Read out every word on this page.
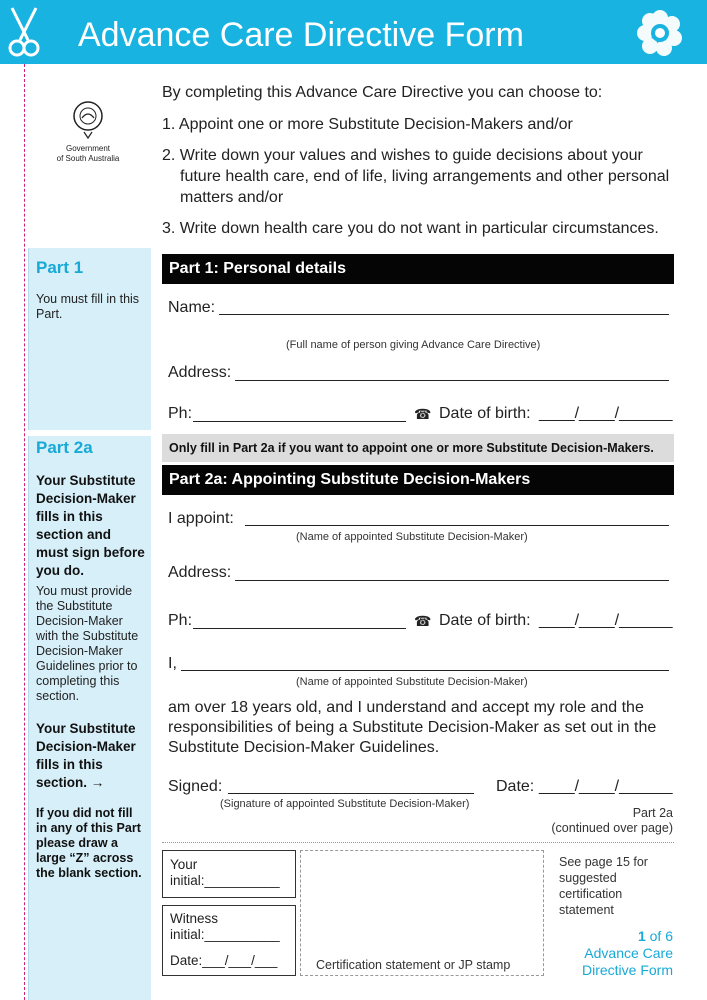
Advance Care Directive Form
Government
of South Australia
By completing this Advance Care Directive you can choose to:
1. Appoint one or more Substitute Decision-Makers and/or
2. Write down your values and wishes to guide decisions about your
future health care, end of life, living arrangements and other personal
matters and/or
3. Write down health care you do not want in particular circumstances.
Part 1
You must fill in this Part.
Part 2a
Your Substitute Decision-Maker fills in this section and must sign before you do.
You must provide the Substitute Decision-Maker with the Substitute Decision-Maker Guidelines prior to completing this section.
Your Substitute Decision-Maker fills in this section. →
If you did not fill in any of this Part please draw a large “Z” across the blank section.
Part 1: Personal details
Name:
(Full name of person giving Advance Care Directive)
Address:
Ph:	☎ Date of birth: ____/____/______
Only fill in Part 2a if you want to appoint one or more Substitute Decision-Makers.
Part 2a: Appointing Substitute Decision-Makers
I appoint:
(Name of appointed Substitute Decision-Maker)
Address:
Ph:	☎ Date of birth: ____/____/______
I,
(Name of appointed Substitute Decision-Maker)
am over 18 years old, and I understand and accept my role and the responsibilities of being a Substitute Decision-Maker as set out in the Substitute Decision-Maker Guidelines.
Signed:
(Signature of appointed Substitute Decision-Maker)
Date: ____/____/______
Part 2a
(continued over page)
Your
initial:__________
Witness
initial:__________
Date:___/___/___	Certification statement or JP stamp
See page 15 for suggested certification statement
1 of 6
Advance Care
Directive Form
